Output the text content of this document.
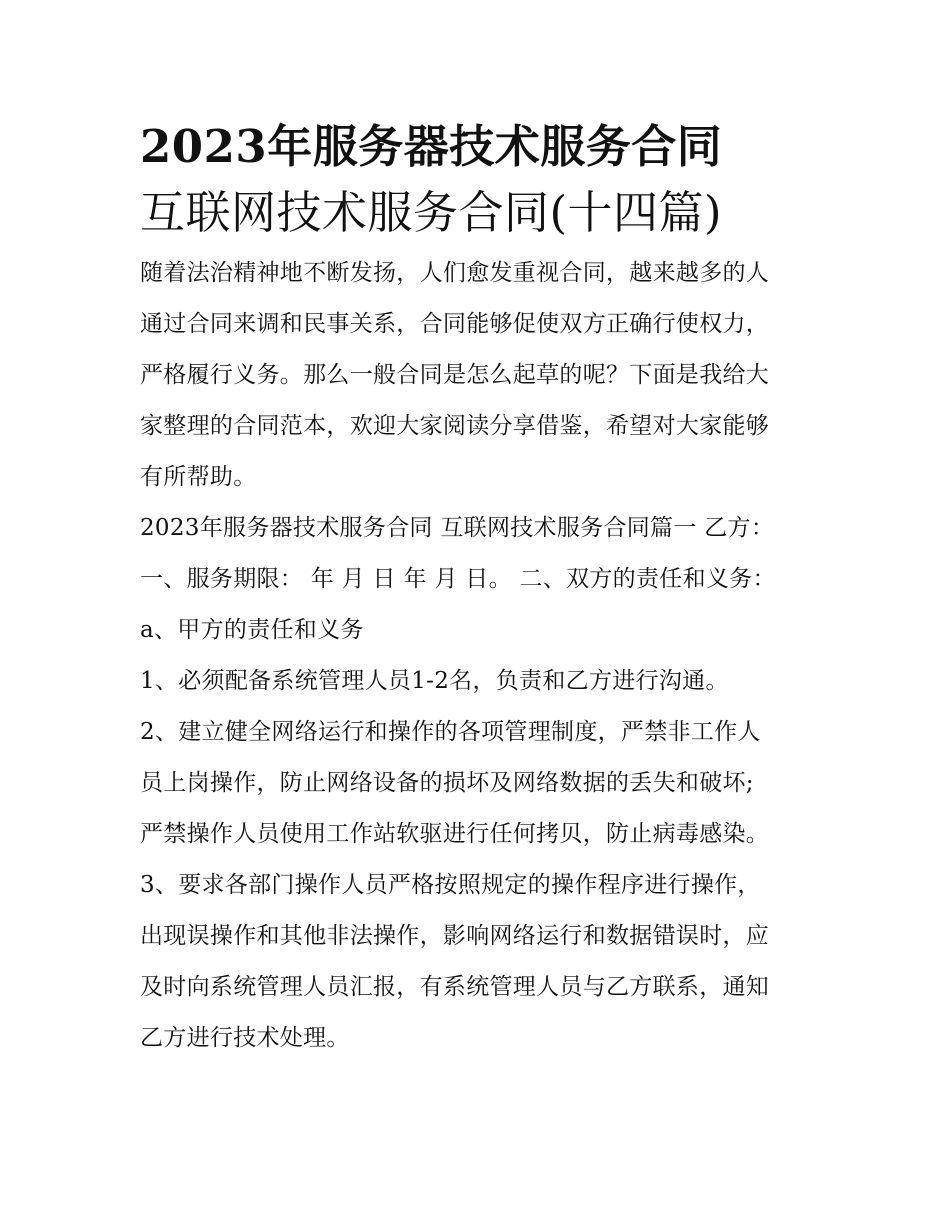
2023年服务器技术服务合同
互联网技术服务合同(十四篇)

随着法治精神地不断发扬，人们愈发重视合同，越来越多的人
通过合同来调和民事关系，合同能够促使双方正确行使权力，
严格履行义务。那么一般合同是怎么起草的呢？下面是我给大
家整理的合同范本，欢迎大家阅读分享借鉴，希望对大家能够
有所帮助。

2023年服务器技术服务合同 互联网技术服务合同篇一 乙方：
一、服务期限： 年 月 日 年 月 日。 二、双方的责任和义务：

a、甲方的责任和义务

1、必须配备系统管理人员1-2名，负责和乙方进行沟通。

2、建立健全网络运行和操作的各项管理制度，严禁非工作人
员上岗操作，防止网络设备的损坏及网络数据的丢失和破坏;
严禁操作人员使用工作站软驱进行任何拷贝，防止病毒感染。

3、要求各部门操作人员严格按照规定的操作程序进行操作，
出现误操作和其他非法操作，影响网络运行和数据错误时，应
及时向系统管理人员汇报，有系统管理人员与乙方联系，通知
乙方进行技术处理。
